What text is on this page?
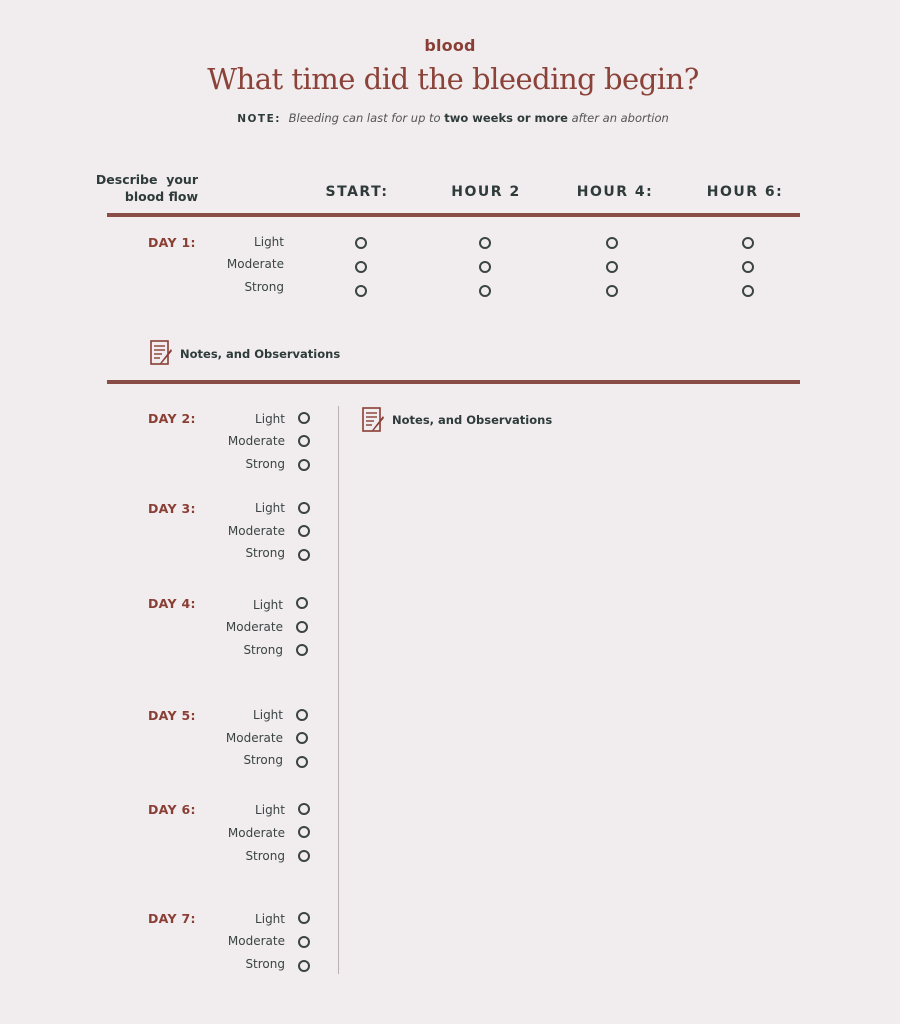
blood
What time did the bleeding begin?
NOTE: Bleeding can last for up to two weeks or more after an abortion
Describe  your
blood flow	START:	HOUR 2	HOUR 4:	HOUR 6:
DAY 1:	Light
Moderate
Strong
Notes, and Observations
Notes, and Observations
DAY 2:	Light
Moderate
Strong
DAY 3:	Light
Moderate
Strong
DAY 4:	Light
Moderate
Strong
DAY 5:	Light
Moderate
Strong
DAY 6:	Light
Moderate
Strong
DAY 7:	Light
Moderate
Strong
